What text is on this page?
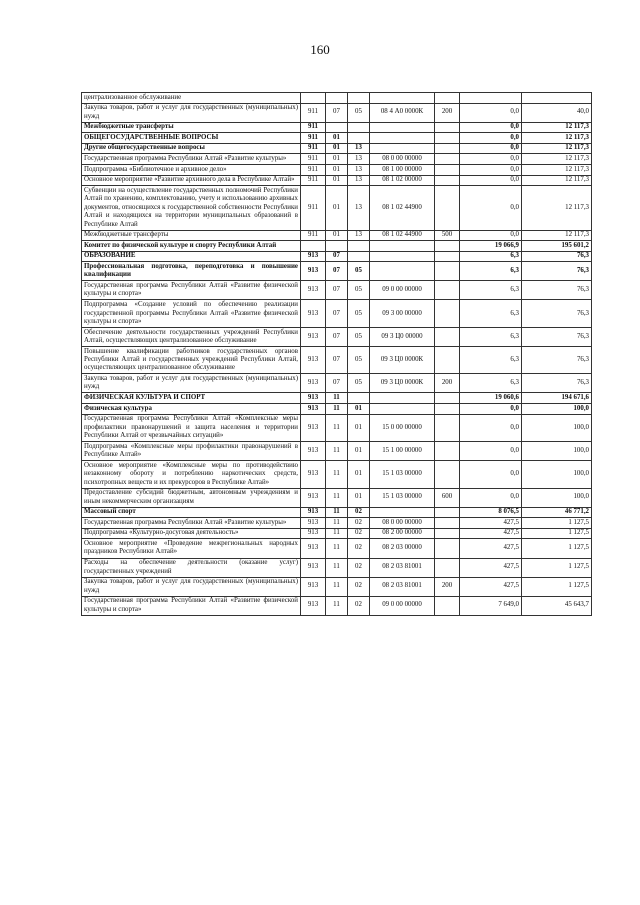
160
централизованное обслуживание							
Закупка товаров, работ и услуг для государственных (муниципальных) нужд	911	07	05	08 4 А0 0000К	200	0,0	40,0
Межбюджетные трансферты	911					0,0	12 117,3
ОБЩЕГОСУДАРСТВЕННЫЕ ВОПРОСЫ	911	01				0,0	12 117,3
Другие общегосударственные вопросы	911	01	13			0,0	12 117,3
Государственная программа Республики Алтай «Развитие культуры»	911	01	13	08 0 00 00000		0,0	12 117,3
Подпрограмма «Библиотечное и архивное дело»	911	01	13	08 1 00 00000		0,0	12 117,3
Основное мероприятие «Развитие архивного дела в Республике Алтай»	911	01	13	08 1 02 00000		0,0	12 117,3
Субвенции на осуществление государственных полномочий Республики Алтай по хранению, комплектованию, учету и использованию архивных документов, относящихся к государственной собственности Республики Алтай и находящихся на территории муниципальных образований в Республике Алтай	911	01	13	08 1 02 44900		0,0	12 117,3
Межбюджетные трансферты	911	01	13	08 1 02 44900	500	0,0	12 117,3
Комитет по физической культуре и спорту Республики Алтай						19 066,9	195 601,2
ОБРАЗОВАНИЕ	913	07				6,3	76,3
Профессиональная подготовка, переподготовка и повышение квалификации	913	07	05			6,3	76,3
Государственная программа Республики Алтай «Развитие физической культуры и спорта»	913	07	05	09 0 00 00000		6,3	76,3
Подпрограмма «Создание условий по обеспечению реализации государственной программы Республики Алтай «Развитие физической культуры и спорта»	913	07	05	09 3 00 00000		6,3	76,3
Обеспечение деятельности государственных учреждений Республики Алтай, осуществляющих централизованное обслуживание	913	07	05	09 3 Ц0 00000		6,3	76,3
Повышение квалификации работников государственных органов Республики Алтай и государственных учреждений Республики Алтай, осуществляющих централизованное обслуживание	913	07	05	09 3 Ц0 0000К		6,3	76,3
Закупка товаров, работ и услуг для государственных (муниципальных) нужд	913	07	05	09 3 Ц0 0000К	200	6,3	76,3
ФИЗИЧЕСКАЯ КУЛЬТУРА И СПОРТ	913	11				19 060,6	194 671,6
Физическая культура	913	11	01			0,0	100,0
Государственная программа Республики Алтай «Комплексные меры профилактики правонарушений и защита населения и территории Республики Алтай от чрезвычайных ситуаций»	913	11	01	15 0 00 00000		0,0	100,0
Подпрограмма «Комплексные меры профилактики правонарушений в Республике Алтай»	913	11	01	15 1 00 00000		0,0	100,0
Основное мероприятие «Комплексные меры по противодействию незаконному обороту и потреблению наркотических средств, психотропных веществ и их прекурсоров в Республике Алтай»	913	11	01	15 1 03 00000		0,0	100,0
Предоставление субсидий бюджетным, автономным учреждениям и иным некоммерческим организациям	913	11	01	15 1 03 00000	600	0,0	100,0
Массовый спорт	913	11	02			8 076,5	46 771,2
Государственная программа Республики Алтай «Развитие культуры»	913	11	02	08 0 00 00000		427,5	1 127,5
Подпрограмма «Культурно-досуговая деятельность»	913	11	02	08 2 00 00000		427,5	1 127,5
Основное мероприятие «Проведение межрегиональных народных праздников Республики Алтай»	913	11	02	08 2 03 00000		427,5	1 127,5
Расходы на обеспечение деятельности (оказание услуг) государственных учреждений	913	11	02	08 2 03 81001		427,5	1 127,5
Закупка товаров, работ и услуг для государственных (муниципальных) нужд	913	11	02	08 2 03 81001	200	427,5	1 127,5
Государственная программа Республики Алтай «Развитие физической культуры и спорта»	913	11	02	09 0 00 00000		7 649,0	45 643,7
